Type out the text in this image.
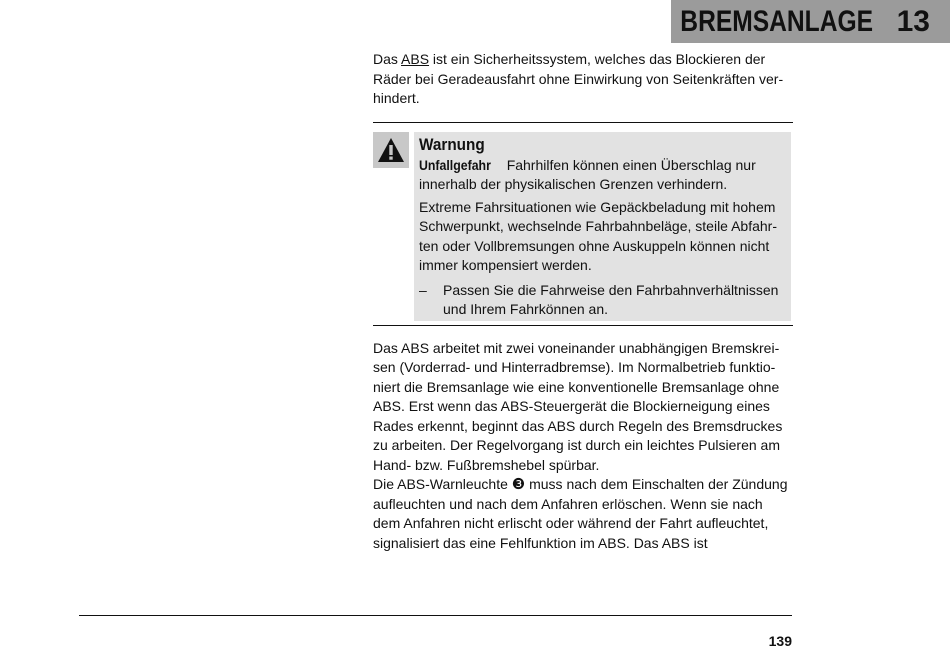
BREMSANLAGE 13

Das ABS ist ein Sicherheitssystem, welches das Blockieren der Räder bei Geradeausfahrt ohne Einwirkung von Seitenkräften verhindert.

Warnung

Unfallgefahr Fahrhilfen können einen Überschlag nur innerhalb der physikalischen Grenzen verhindern.

Extreme Fahrsituationen wie Gepäckbeladung mit hohem Schwerpunkt, wechselnde Fahrbahnbeläge, steile Abfahrten oder Vollbremsungen ohne Auskuppeln können nicht immer kompensiert werden.

–	Passen Sie die Fahrweise den Fahrbahnverhältnissen und Ihrem Fahrkönnen an.

Das ABS arbeitet mit zwei voneinander unabhängigen Bremskreisen (Vorderrad- und Hinterradbremse). Im Normalbetrieb funktioniert die Bremsanlage wie eine konventionelle Bremsanlage ohne ABS. Erst wenn das ABS-Steuergerät die Blockierneigung eines Rades erkennt, beginnt das ABS durch Regeln des Bremsdruckes zu arbeiten. Der Regelvorgang ist durch ein leichtes Pulsieren am Hand- bzw. Fußbremshebel spürbar.

Die ABS-Warnleuchte ❸ muss nach dem Einschalten der Zündung aufleuchten und nach dem Anfahren erlöschen. Wenn sie nach dem Anfahren nicht erlischt oder während der Fahrt aufleuchtet, signalisiert das eine Fehlfunktion im ABS. Das ABS ist

139
